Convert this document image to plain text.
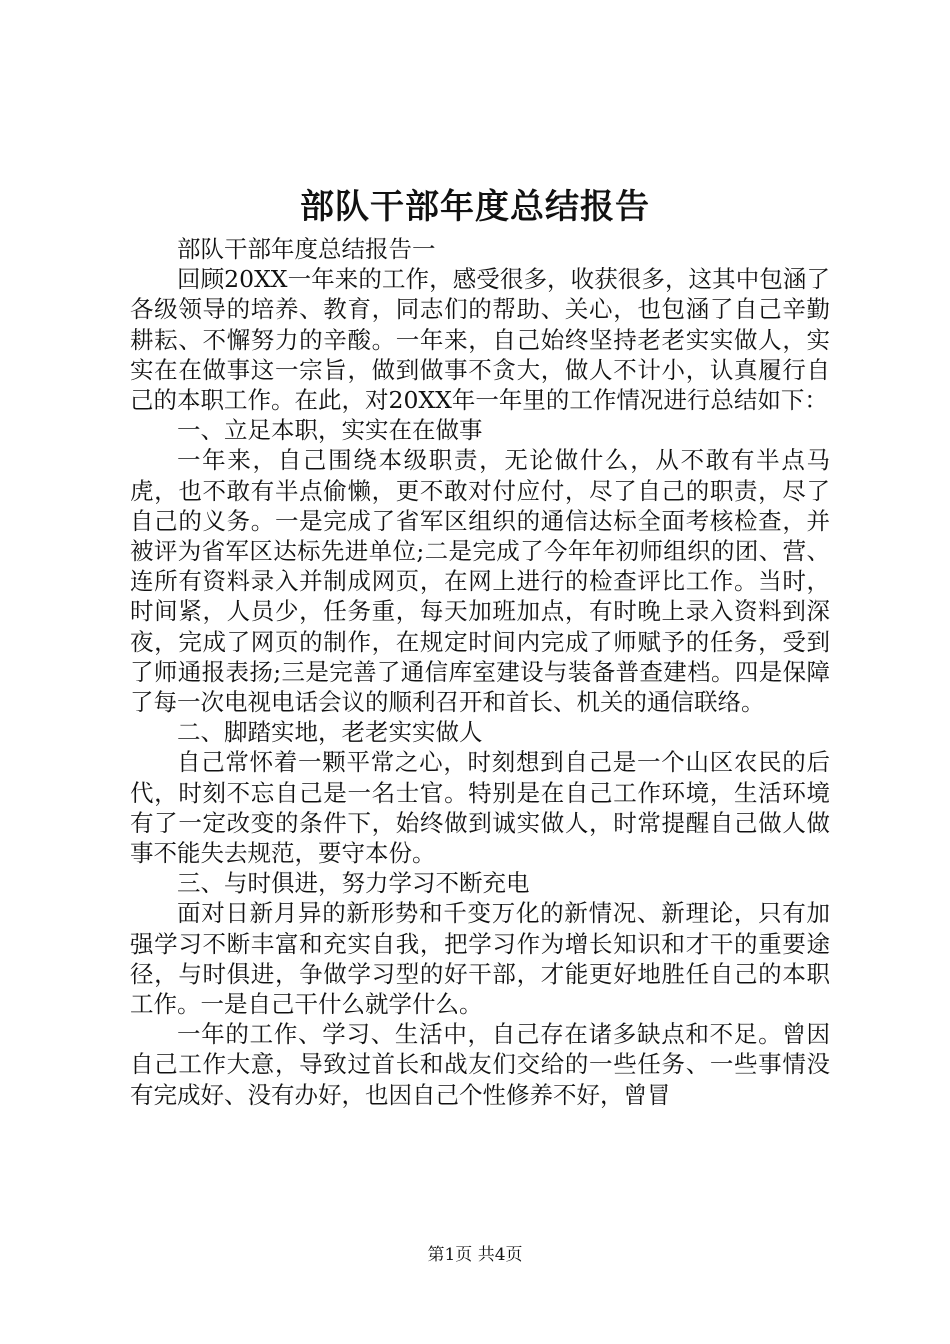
部队干部年度总结报告

部队干部年度总结报告一

回顾20XX一年来的工作，感受很多，收获很多，这其中包涵了各级领导的培养、教育，同志们的帮助、关心，也包涵了自己辛勤耕耘、不懈努力的辛酸。一年来，自己始终坚持老老实实做人，实实在在做事这一宗旨，做到做事不贪大，做人不计小，认真履行自己的本职工作。在此，对20XX年一年里的工作情况进行总结如下：

一、立足本职，实实在在做事

一年来，自己围绕本级职责，无论做什么，从不敢有半点马虎，也不敢有半点偷懒，更不敢对付应付，尽了自己的职责，尽了自己的义务。一是完成了省军区组织的通信达标全面考核检查，并被评为省军区达标先进单位;二是完成了今年年初师组织的团、营、连所有资料录入并制成网页，在网上进行的检查评比工作。当时，时间紧，人员少，任务重，每天加班加点，有时晚上录入资料到深夜，完成了网页的制作，在规定时间内完成了师赋予的任务，受到了师通报表扬;三是完善了通信库室建设与装备普查建档。四是保障了每一次电视电话会议的顺利召开和首长、机关的通信联络。

二、脚踏实地，老老实实做人

自己常怀着一颗平常之心，时刻想到自己是一个山区农民的后代，时刻不忘自己是一名士官。特别是在自己工作环境，生活环境有了一定改变的条件下，始终做到诚实做人，时常提醒自己做人做事不能失去规范，要守本份。

三、与时俱进，努力学习不断充电

面对日新月异的新形势和千变万化的新情况、新理论，只有加强学习不断丰富和充实自我，把学习作为增长知识和才干的重要途径，与时俱进，争做学习型的好干部，才能更好地胜任自己的本职工作。一是自己干什么就学什么。

一年的工作、学习、生活中，自己存在诸多缺点和不足。曾因自己工作大意，导致过首长和战友们交给的一些任务、一些事情没有完成好、没有办好，也因自己个性修养不好，曾冒

第1页 共4页
